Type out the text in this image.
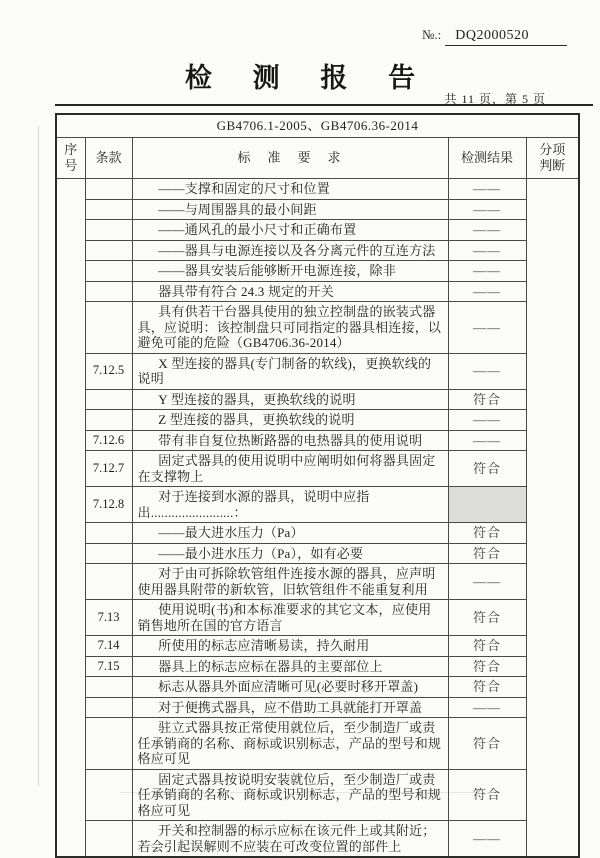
№.: DQ2000520
检 测 报 告
共 11 页，第 5 页
GB4706.1-2005、GB4706.36-2014				
序号	条款	标　准　要　求	检测结果	分项判断

		——支撑和固定的尺寸和位置	——	

		——与周围器具的最小间距	——	

		——通风孔的最小尺寸和正确布置	——	

		——器具与电源连接以及各分离元件的互连方法	——	

		——器具安装后能够断开电源连接，除非	——	

		器具带有符合 24.3 规定的开关	——	

		具有供若干台器具使用的独立控制盘的嵌装式器具，应说明：该控制盘只可同指定的器具相连接，以避免可能的危险（GB4706.36-2014）	——	
	7.12.5	X 型连接的器具(专门制备的软线)，更换软线的说明	——	

		Y 型连接的器具，更换软线的说明	符合	

		Z 型连接的器具，更换软线的说明	——	
	7.12.6	带有非自复位热断路器的电热器具的使用说明	——	
	7.12.7	固定式器具的使用说明中应阐明如何将器具固定在支撑物上	符合	
	7.12.8	对于连接到水源的器具，说明中应指出........................：		

		——最大进水压力（Pa）	符合	

		——最小进水压力（Pa），如有必要	符合	

		对于由可拆除软管组件连接水源的器具，应声明使用器具附带的新软管，旧软管组件不能重复利用	——	
	7.13	使用说明(书)和本标准要求的其它文本，应使用销售地所在国的官方语言	符合	
	7.14	所使用的标志应清晰易读，持久耐用	符合	
	7.15	器具上的标志应标在器具的主要部位上	符合	

		标志从器具外面应清晰可见(必要时移开罩盖)	符合	

		对于便携式器具，应不借助工具就能打开罩盖	——	

		驻立式器具按正常使用就位后，至少制造厂或责任承销商的名称、商标或识别标志，产品的型号和规格应可见	符合	

		固定式器具按说明安装就位后，至少制造厂或责任承销商的名称、商标或识别标志，产品的型号和规格应可见	符合	

		开关和控制器的标示应标在该元件上或其附近；若会引起误解则不应装在可改变位置的部件上	——	
